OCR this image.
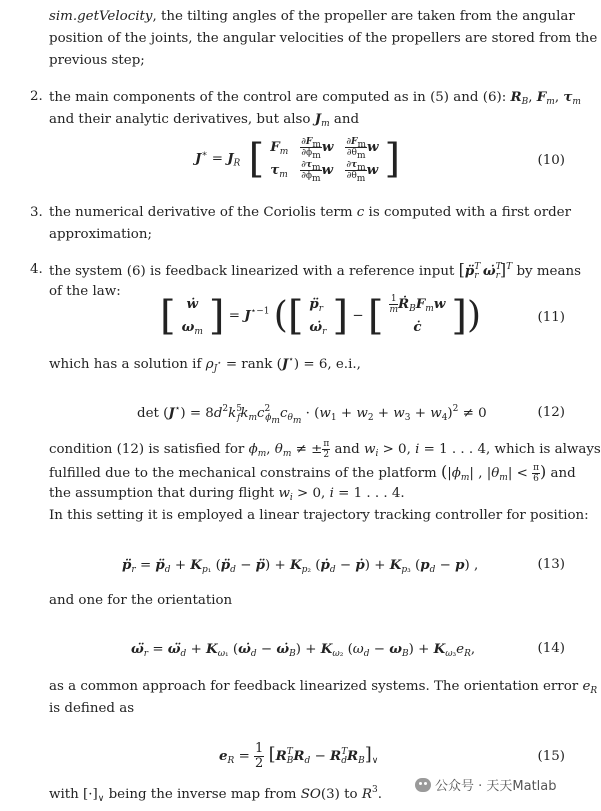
sim.getVelocity, the tilting angles of the propeller are taken from the angular
position of the joints, the angular velocities of the propellers are stored from the
previous step;
2. the main components of the control are computed as in (5) and (6): $R_B$, $F_m$, $\tau_m$
and their analytic derivatives, but also $J_m$ and
$J^∗ = J_R$ [ $F_m$	$\frac{\partial F_m}{\partial\phi_m}$ w	$\frac{\partial F_m}{\partial\theta_m}$ w
$\tau_m$	$\frac{\partial\tau_m}{\partial\phi_m}$ w	$\frac{\partial\tau_m}{\partial\theta_m}$ w ]	(10)
3. the numerical derivative of the Coriolis term c is computed with a first order
approximation;
4. the system (6) is feedback linearized with a reference input [p̈$^T_r$ ω̇$^T_r$]$^T$ by means
of the law:
[ ẇ
$\omega_m$ ] = $J^{⋆-1}$ ([ $p̈_r$
$\omegȧ_r$ ] − [ $\frac{1}{m}$ $Ṙ_BF_mw$
ċ ])	(11)
which has a solution if $\rho_{J^⋆}$ = rank (J⋆) = 6, e.i.,
$\det (J^⋆) = 8d^2k^5_fk_mc^2_{\phi_m}c_{\theta_m} \cdot (w_1 + w_2 + w_3 + w_4)^2 \ne 0$	(12)
condition (12) is satisfied for $\phi_m$, $\theta_m$ ≠ ± $\frac{\pi}{2}$ and $w_i > 0$, i = 1 . . . 4, which is always
fulfilled due to the mechanical constrains of the platform ($|\phi_m|$ , $|\theta_m| < \frac{\pi}{6}$ ) and
the assumption that during flight $w_i > 0$, i = 1 . . . 4.
In this setting it is employed a linear trajectory tracking controller for position:
$p̈_r$ = $p̈_d + K_{p_1}$ ($p̈_d$ − p̈) + $K_{p_2}$ (ṗ$_d$ − ṗ) + $K_{p_3}$ $(p_d - p)$ ,	(13)
and one for the orientation
$\omegä_r$ = $\omegä_d + K_{\omega_1}$ ($\omegȧ_d$ − $\omegȧ_B) + K_{\omega_2}$ $(\omega_d - \omega_B) + K_{\omega_3}e_R$,	(14)
as a common approach for feedback linearized systems. The orientation error $e_R$
is defined as
$e_R = \frac{1}{2} [R^T_BR_d - R^T_dR_B]_\vee$	(15)
with $[\cdot]_\vee$ being the inverse map from SO(3) to $R^3$.
公众号 · 天天Matlab
